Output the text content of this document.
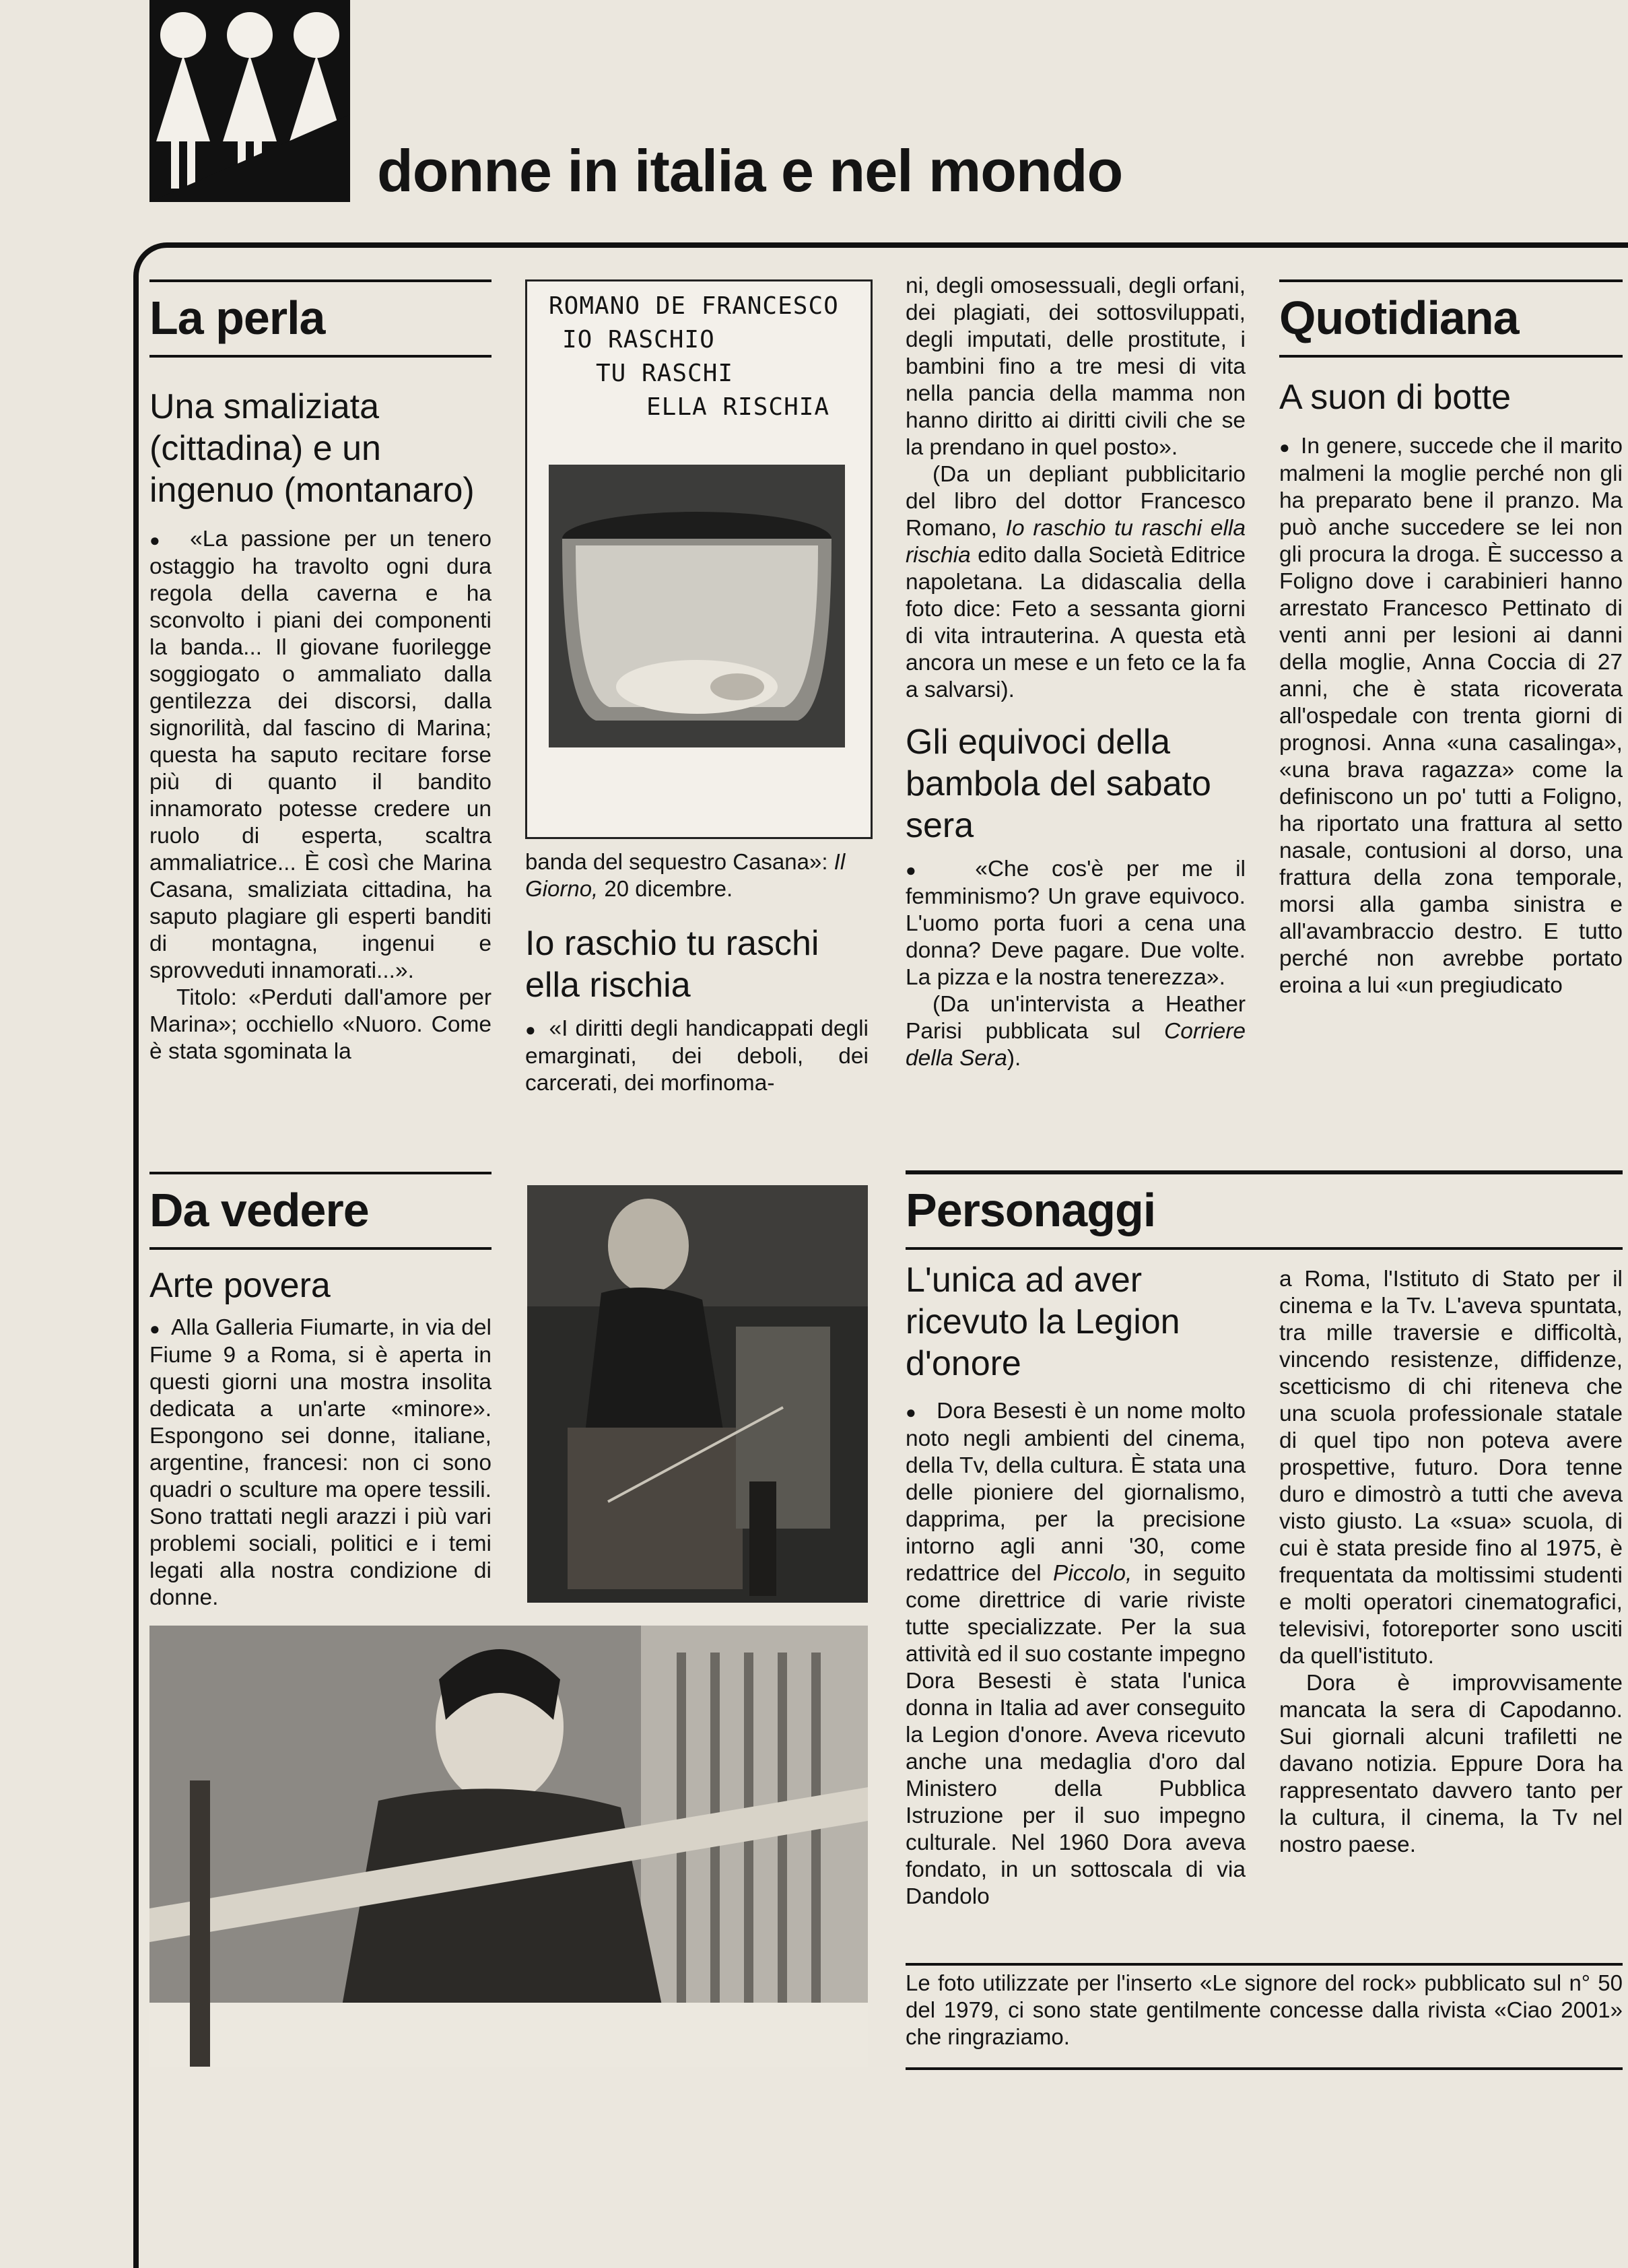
donne in italia e nel mondo
La perla
Una smaliziata (cittadina) e un ingenuo (montanaro)

●  «La passione per un tenero ostaggio ha travolto ogni dura regola della caverna e ha sconvolto i piani dei componenti la banda... Il giovane fuorilegge soggiogato o ammaliato dalla gentilezza dei discorsi, dalla signorilità, dal fascino di Marina; questa ha saputo recitare forse più di quanto il bandito innamorato potesse credere un ruolo di esperta, scaltra ammaliatrice... È così che Marina Casana, smaliziata cittadina, ha saputo plagiare gli esperti banditi di montagna, ingenui e sprovveduti innamorati...».

Titolo: «Perduti dall'amore per Marina»; occhiello «Nuoro. Come è stata sgominata la

ROMANO DE FRANCESCO
IO RASCHIO
TU RASCHI
ELLA RISCHIA
banda del sequestro Casana»: Il Giorno, 20 dicembre.
Io raschio tu raschi ella rischia

●  «I diritti degli handicappati degli emarginati, dei deboli, dei carcerati, dei morfinoma-

ni, degli omosessuali, degli orfani, dei plagiati, dei sottosviluppati, degli imputati, delle prostitute, i bambini fino a tre mesi di vita nella pancia della mamma non hanno diritto ai diritti civili che se la prendano in quel posto».

(Da un depliant pubblicitario del libro del dottor Francesco Romano, Io raschio tu raschi ella rischia edito dalla Società Editrice napoletana. La didascalia della foto dice: Feto a sessanta giorni di vita intrauterina. A questa età ancora un mese e un feto ce la fa a salvarsi).

Gli equivoci della bambola del sabato sera

●  «Che cos'è per me il femminismo? Un grave equivoco. L'uomo porta fuori a cena una donna? Deve pagare. Due volte. La pizza e la nostra tenerezza».

(Da un'intervista a Heather Parisi pubblicata sul Corriere della Sera).

Quotidiana
A suon di botte

●  In genere, succede che il marito malmeni la moglie perché non gli ha preparato bene il pranzo. Ma può anche succedere se lei non gli procura la droga. È successo a Foligno dove i carabinieri hanno arrestato Francesco Pettinato di venti anni per lesioni ai danni della moglie, Anna Coccia di 27 anni, che è stata ricoverata all'ospedale con trenta giorni di prognosi. Anna «una casalinga», «una brava ragazza» come la definiscono un po' tutti a Foligno, ha riportato una frattura al setto nasale, contusioni al dorso, una frattura della zona temporale, morsi alla gamba sinistra e all'avambraccio destro. E tutto perché non avrebbe portato eroina a lui «un pregiudicato

Da vedere
Arte povera

●  Alla Galleria Fiumarte, in via del Fiume 9 a Roma, si è aperta in questi giorni una mostra insolita dedicata a un'arte «minore». Espongono sei donne, italiane, argentine, francesi: non ci sono quadri o sculture ma opere tessili. Sono trattati negli arazzi i più vari problemi sociali, politici e i temi legati alla nostra condizione di donne.

Personaggi
L'unica ad aver ricevuto la Legion d'onore

●  Dora Besesti è un nome molto noto negli ambienti del cinema, della Tv, della cultura. È stata una delle pioniere del giornalismo, dapprima, per la precisione intorno agli anni '30, come redattrice del Piccolo, in seguito come direttrice di varie riviste tutte specializzate. Per la sua attività ed il suo costante impegno Dora Besesti è stata l'unica donna in Italia ad aver conseguito la Legion d'onore. Aveva ricevuto anche una medaglia d'oro dal Ministero della Pubblica Istruzione per il suo impegno culturale. Nel 1960 Dora aveva fondato, in un sottoscala di via Dandolo

a Roma, l'Istituto di Stato per il cinema e la Tv. L'aveva spuntata, tra mille traversie e difficoltà, vincendo resistenze, diffidenze, scetticismo di chi riteneva che una scuola professionale statale di quel tipo non poteva avere prospettive, futuro. Dora tenne duro e dimostrò a tutti che aveva visto giusto. La «sua» scuola, di cui è stata preside fino al 1975, è frequentata da moltissimi studenti e molti operatori cinematografici, televisivi, fotoreporter sono usciti da quell'istituto.

Dora è improvvisamente mancata la sera di Capodanno. Sui giornali alcuni trafiletti ne davano notizia. Eppure Dora ha rappresentato davvero tanto per la cultura, il cinema, la Tv nel nostro paese.

Le foto utilizzate per l'inserto «Le signore del rock» pubblicato sul n° 50 del 1979, ci sono state gentilmente concesse dalla rivista «Ciao 2001» che ringraziamo.
